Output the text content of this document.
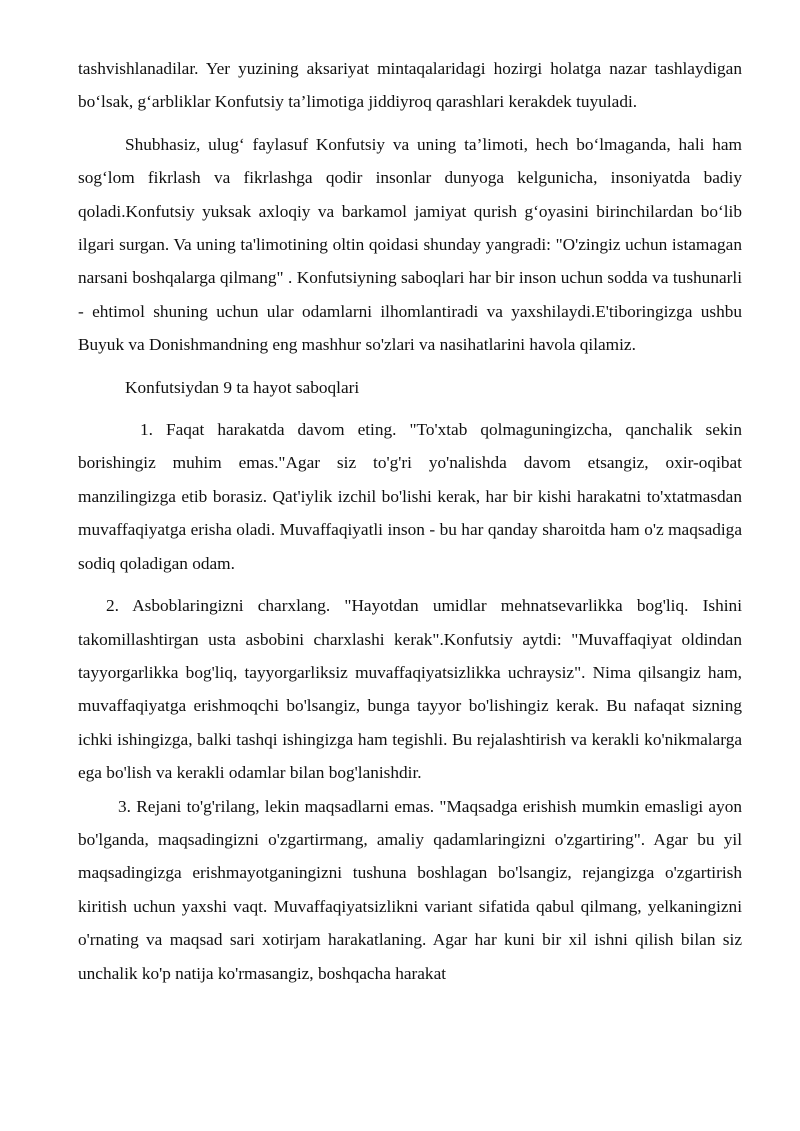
tashvishlanadilar. Yer yuzining aksariyat mintaqalaridagi hozirgi holatga nazar tashlaydigan bo‘lsak, g‘arbliklar Konfutsiy ta’limotiga jiddiyroq qarashlari kerakdek tuyuladi.

Shubhasiz, ulug‘ faylasuf Konfutsiy va uning ta’limoti, hech bo‘lmaganda, hali ham sog‘lom fikrlash va fikrlashga qodir insonlar dunyoga kelgunicha, insoniyatda badiy qoladi.Konfutsiy yuksak axloqiy va barkamol jamiyat qurish g‘oyasini birinchilardan bo‘lib ilgari surgan. Va uning ta'limotining oltin qoidasi shunday yangradi: "O'zingiz uchun istamagan narsani boshqalarga qilmang" . Konfutsiyning saboqlari har bir inson uchun sodda va tushunarli - ehtimol shuning uchun ular odamlarni ilhomlantiradi va yaxshilaydi.E'tiboringizga ushbu Buyuk va Donishmandning eng mashhur so'zlari va nasihatlarini havola qilamiz.

Konfutsiydan 9 ta hayot saboqlari

1. Faqat harakatda davom eting. "To'xtab qolmaguningizcha, qanchalik sekin borishingiz muhim emas."Agar siz to'g'ri yo'nalishda davom etsangiz, oxir-oqibat manzilingizga etib borasiz. Qat'iylik izchil bo'lishi kerak, har bir kishi harakatni to'xtatmasdan muvaffaqiyatga erisha oladi. Muvaffaqiyatli inson - bu har qanday sharoitda ham o'z maqsadiga sodiq qoladigan odam.

2. Asboblaringizni charxlang. "Hayotdan umidlar mehnatsevarlikka bog'liq. Ishini takomillashtirgan usta asbobini charxlashi kerak".Konfutsiy aytdi: "Muvaffaqiyat oldindan tayyorgarlikka bog'liq, tayyorgarliksiz muvaffaqiyatsizlikka uchraysiz". Nima qilsangiz ham, muvaffaqiyatga erishmoqchi bo'lsangiz, bunga tayyor bo'lishingiz kerak. Bu nafaqat sizning ichki ishingizga, balki tashqi ishingizga ham tegishli. Bu rejalashtirish va kerakli ko'nikmalarga ega bo'lish va kerakli odamlar bilan bog'lanishdir.

3. Rejani to'g'rilang, lekin maqsadlarni emas. "Maqsadga erishish mumkin emasligi ayon bo'lganda, maqsadingizni o'zgartirmang, amaliy qadamlaringizni o'zgartiring". Agar bu yil maqsadingizga erishmayotganingizni tushuna boshlagan bo'lsangiz, rejangizga o'zgartirish kiritish uchun yaxshi vaqt. Muvaffaqiyatsizlikni variant sifatida qabul qilmang, yelkaningizni o'rnating va maqsad sari xotirjam harakatlaning. Agar har kuni bir xil ishni qilish bilan siz unchalik ko'p natija ko'rmasangiz, boshqacha harakat
